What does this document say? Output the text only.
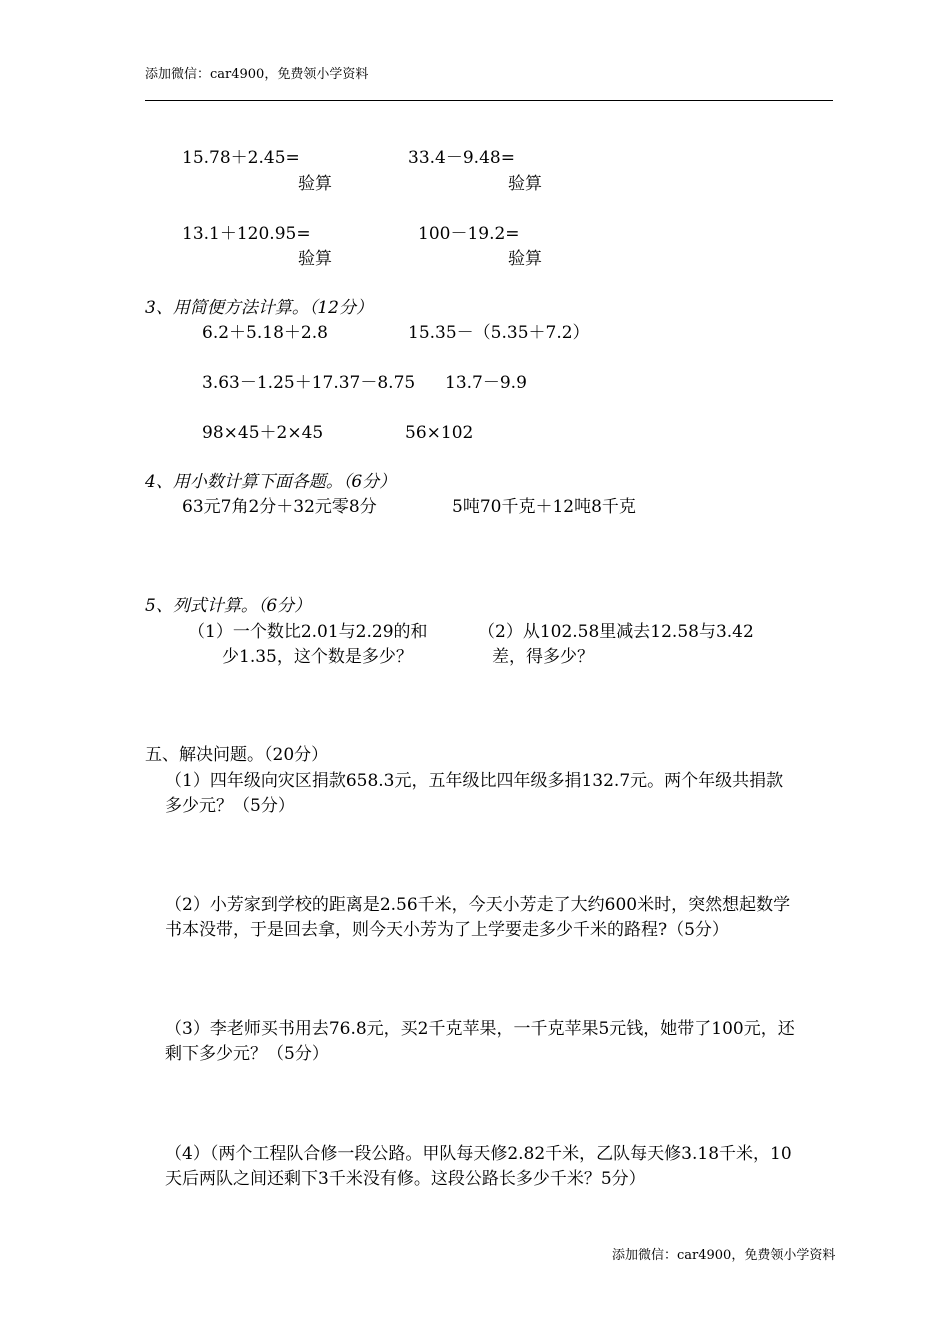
添加微信：car4900，免费领小学资料
15.78＋2.45=
验算
33.4－9.48=
验算
13.1＋120.95=
验算
100－19.2=
验算
3、用简便方法计算。（12分）
6.2＋5.18＋2.8	15.35－（5.35＋7.2）
3.63－1.25＋17.37－8.75 13.7－9.9
98×45＋2×45	56×102
4、用小数计算下面各题。（6分）
63元7角2分＋32元零8分	5吨70千克＋12吨8千克
5、列式计算。（6分）
（1）一个数比2.01与2.29的和
少1.35，这个数是多少？
（2）从102.58里减去12.58与3.42
差，得多少？
五、解决问题。（20分）
（1）四年级向灾区捐款658.3元，五年级比四年级多捐132.7元。两个年级共捐款
多少元？（5分）
（2）小芳家到学校的距离是2.56千米，今天小芳走了大约600米时，突然想起数学
书本没带，于是回去拿，则今天小芳为了上学要走多少千米的路程?（5分）
（3）李老师买书用去76.8元，买2千克苹果，一千克苹果5元钱，她带了100元，还
剩下多少元？（5分）
（4）（两个工程队合修一段公路。甲队每天修2.82千米，乙队每天修3.18千米，10
天后两队之间还剩下3千米没有修。这段公路长多少千米？5分）
添加微信：car4900，免费领小学资料
